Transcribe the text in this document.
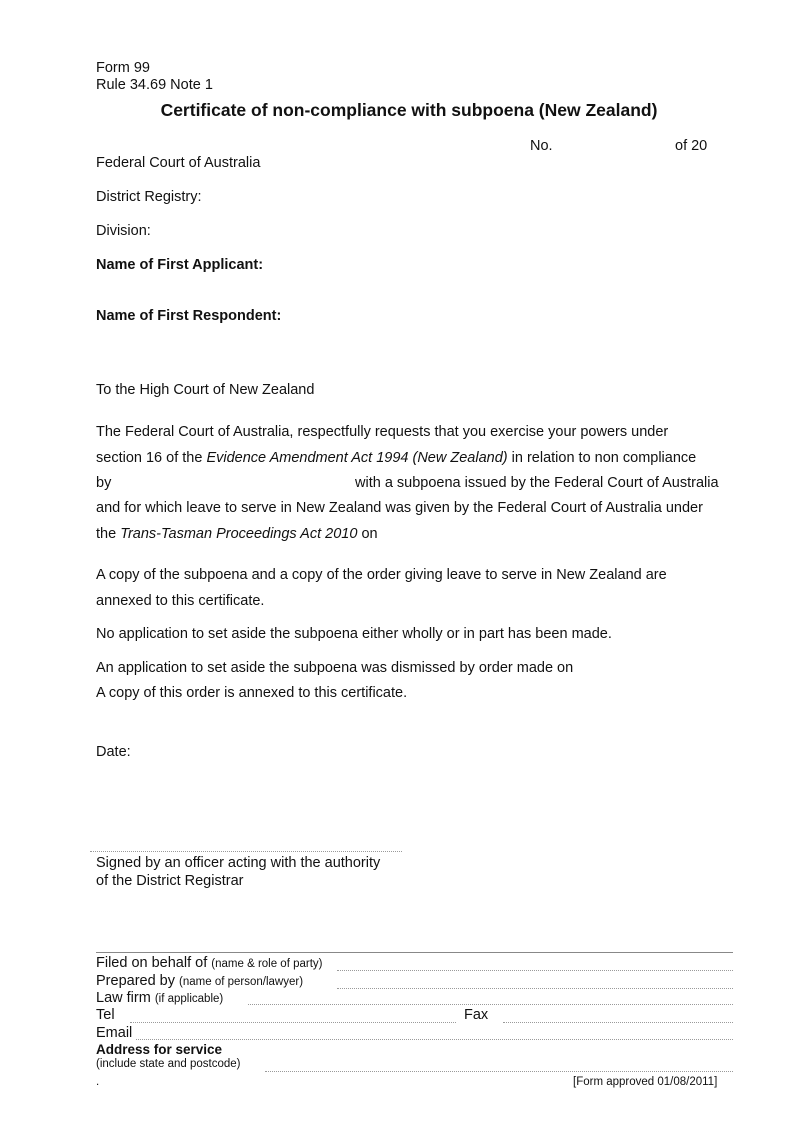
Form 99
Rule 34.69 Note 1
Certificate of non-compliance with subpoena (New Zealand)
No.	of 20
Federal Court of Australia
District Registry:
Division:
Name of First Applicant:
Name of First Respondent:
To the High Court of New Zealand
The Federal Court of Australia, respectfully requests that you exercise your powers under
section 16 of the Evidence Amendment Act 1994 (New Zealand) in relation to non compliance
by	with a subpoena issued by the Federal Court of Australia
and for which leave to serve in New Zealand was given by the Federal Court of Australia under
the Trans-Tasman Proceedings Act 2010 on
A copy of the subpoena and a copy of the order giving leave to serve in New Zealand are
annexed to this certificate.
No application to set aside the subpoena either wholly or in part has been made.
An application to set aside the subpoena was dismissed by order made on
A copy of this order is annexed to this certificate.
Date:
Signed by an officer acting with the authority
of the District Registrar
Filed on behalf of (name & role of party)
Prepared by (name of person/lawyer)
Law firm (if applicable)
Tel	Fax
Email
Address for service
(include state and postcode)
.	[Form approved 01/08/2011]
